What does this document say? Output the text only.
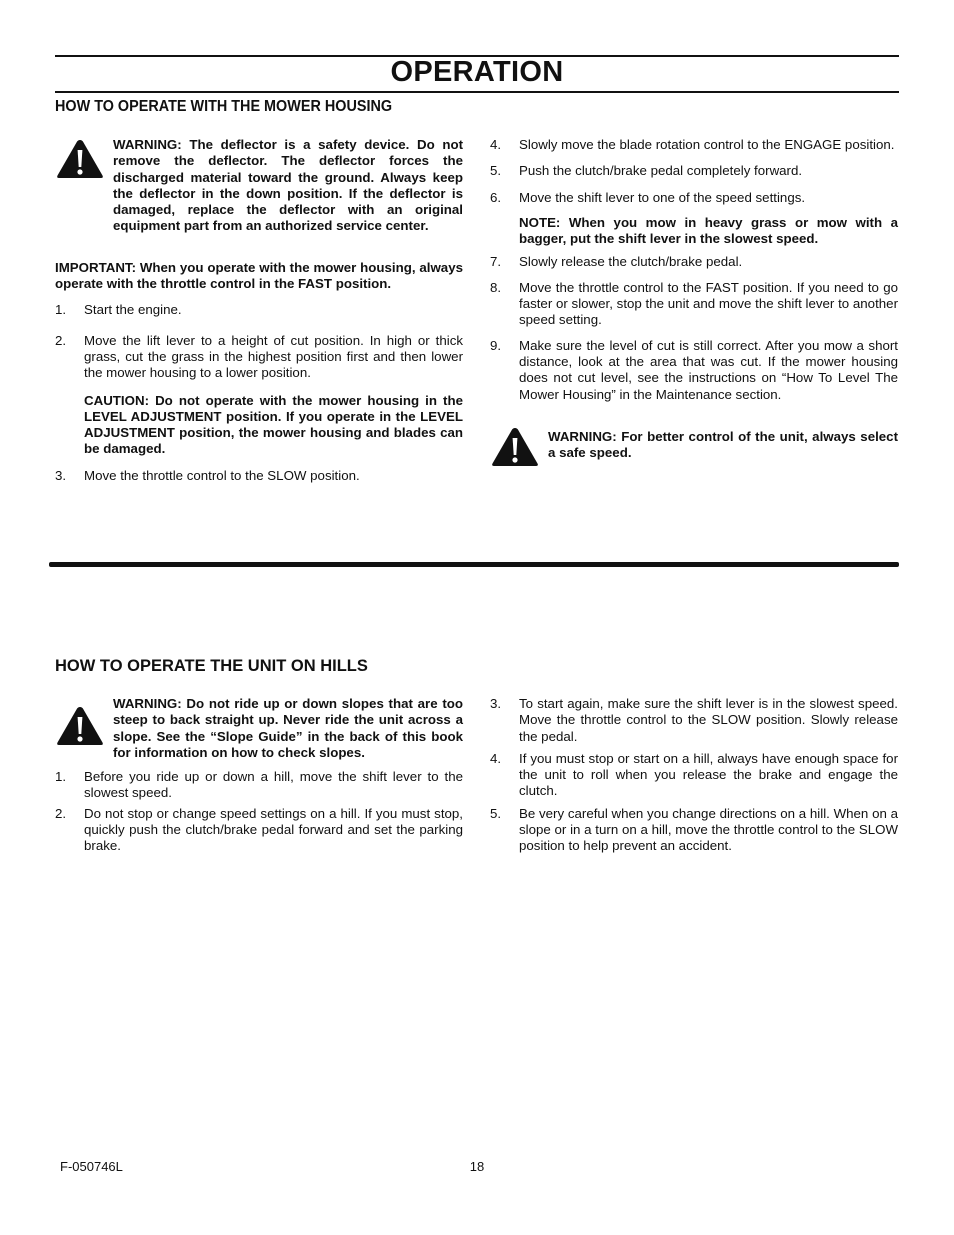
OPERATION
HOW TO OPERATE WITH THE MOWER HOUSING
WARNING: The deflector is a safety device. Do not remove the deflector. The deflector forces the discharged material toward the ground. Always keep the deflector in the down position. If the deflector is damaged, replace the deflector with an original equipment part from an authorized service center.
IMPORTANT: When you operate with the mower housing, always operate with the throttle control in the FAST position.
1.	Start the engine.
2.	Move the lift lever to a height of cut position. In high or thick grass, cut the grass in the highest position first and then lower the mower housing to a lower position.
CAUTION: Do not operate with the mower housing in the LEVEL ADJUSTMENT position. If you operate in the LEVEL ADJUSTMENT position, the mower housing and blades can be damaged.
3.	Move the throttle control to the SLOW position.
4.	Slowly move the blade rotation control to the ENGAGE position.
5.	Push the clutch/brake pedal completely forward.
6.	Move the shift lever to one of the speed settings.
NOTE: When you mow in heavy grass or mow with a bagger, put the shift lever in the slowest speed.
7.	Slowly release the clutch/brake pedal.
8.	Move the throttle control to the FAST position. If you need to go faster or slower, stop the unit and move the shift lever to another speed setting.
9.	Make sure the level of cut is still correct. After you mow a short distance, look at the area that was cut. If the mower housing does not cut level, see the instructions on “How To Level The Mower Housing” in the Maintenance section.
WARNING: For better control of the unit, always select a safe speed.
HOW TO OPERATE THE UNIT ON HILLS
WARNING: Do not ride up or down slopes that are too steep to back straight up. Never ride the unit across a slope. See the “Slope Guide” in the back of this book for information on how to check slopes.
1.	Before you ride up or down a hill, move the shift lever to the slowest speed.
2.	Do not stop or change speed settings on a hill. If you must stop, quickly push the clutch/brake pedal forward and set the parking brake.
3.	To start again, make sure the shift lever is in the slowest speed. Move the throttle control to the SLOW position. Slowly release the pedal.
4.	If you must stop or start on a hill, always have enough space for the unit to roll when you release the brake and engage the clutch.
5.	Be very careful when you change directions on a hill. When on a slope or in a turn on a hill, move the throttle control to the SLOW position to help prevent an accident.
F-050746L	18
